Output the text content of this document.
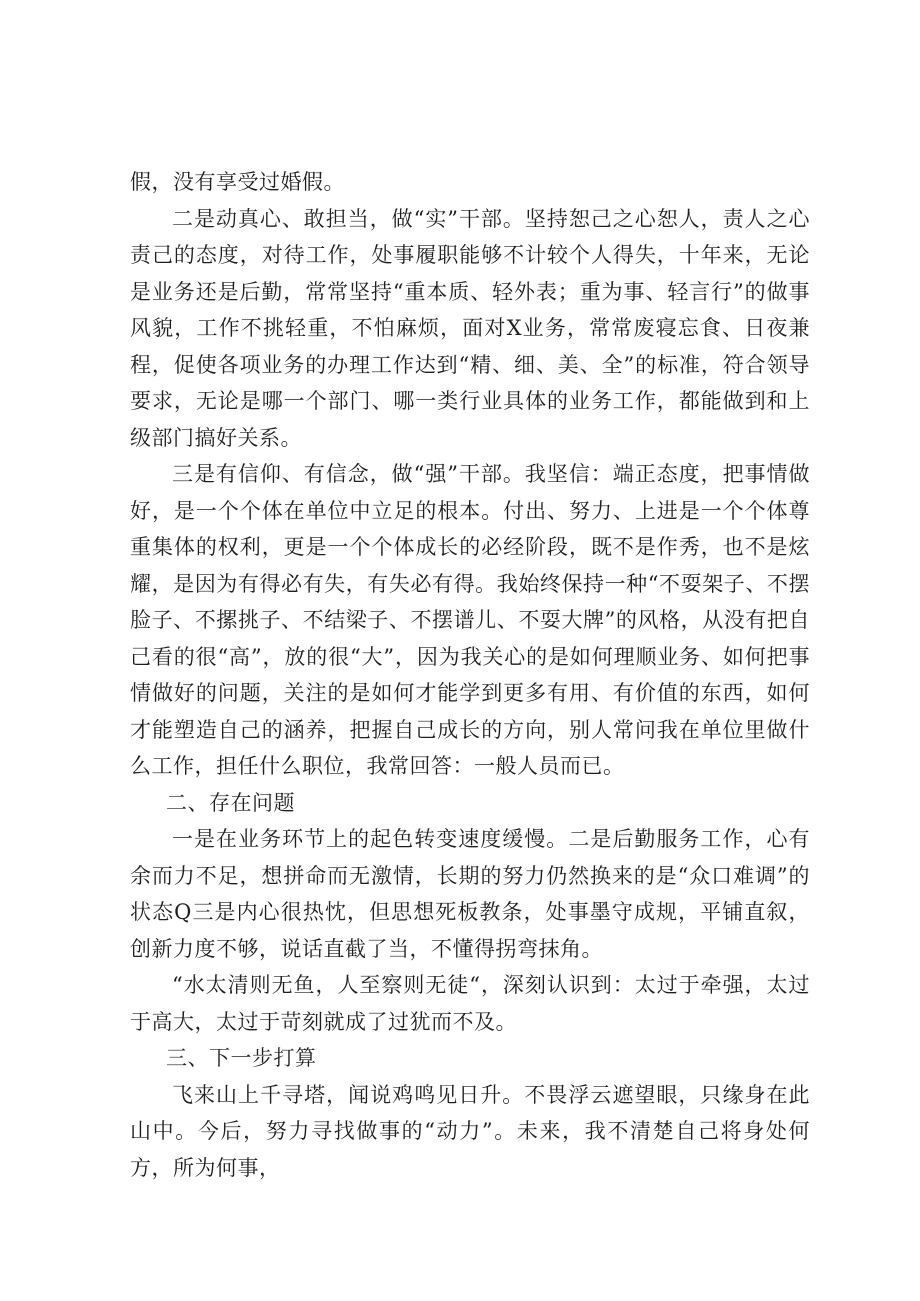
假，没有享受过婚假。

二是动真心、敢担当，做“实”干部。坚持恕己之心恕人，责人之心责己的态度，对待工作，处事履职能够不计较个人得失，十年来，无论是业务还是后勤，常常坚持“重本质、轻外表；重为事、轻言行”的做事风貌，工作不挑轻重，不怕麻烦，面对X业务，常常废寝忘食、日夜兼程，促使各项业务的办理工作达到“精、细、美、全”的标准，符合领导要求，无论是哪一个部门、哪一类行业具体的业务工作，都能做到和上级部门搞好关系。

三是有信仰、有信念，做“强”干部。我坚信：端正态度，把事情做好，是一个个体在单位中立足的根本。付出、努力、上进是一个个体尊重集体的权利，更是一个个体成长的必经阶段，既不是作秀，也不是炫耀，是因为有得必有失，有失必有得。我始终保持一种“不耍架子、不摆脸子、不摞挑子、不结梁子、不摆谱儿、不耍大牌”的风格，从没有把自己看的很“高”，放的很“大”，因为我关心的是如何理顺业务、如何把事情做好的问题，关注的是如何才能学到更多有用、有价值的东西，如何才能塑造自己的涵养，把握自己成长的方向，别人常问我在单位里做什么工作，担任什么职位，我常回答：一般人员而已。

二、存在问题

一是在业务环节上的起色转变速度缓慢。二是后勤服务工作，心有余而力不足，想拼命而无激情，长期的努力仍然换来的是“众口难调”的状态Q三是内心很热忱，但思想死板教条，处事墨守成规，平铺直叙，创新力度不够，说话直截了当，不懂得拐弯抹角。

“水太清则无鱼，人至察则无徒“，深刻认识到：太过于牵强，太过于高大，太过于苛刻就成了过犹而不及。

三、下一步打算

飞来山上千寻塔，闻说鸡鸣见日升。不畏浮云遮望眼，只缘身在此山中。今后，努力寻找做事的“动力”。未来，我不清楚自己将身处何方，所为何事，
